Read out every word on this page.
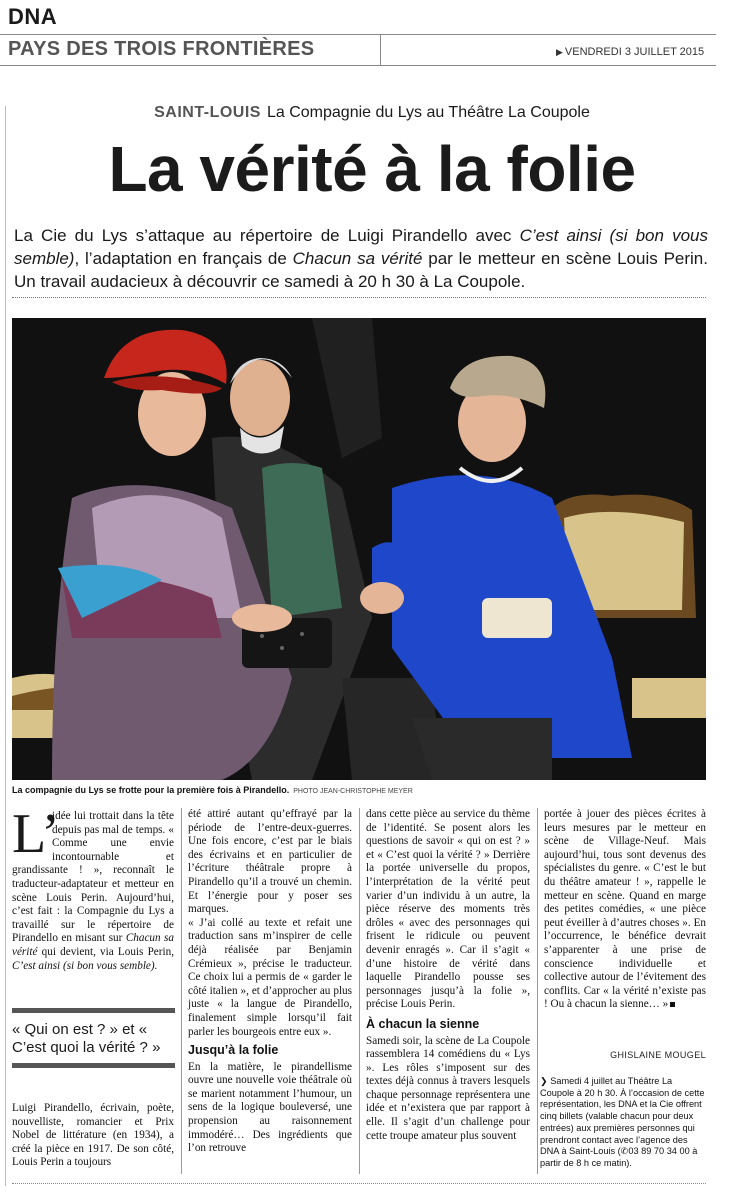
DNA
PAYS DES TROIS FRONTIÈRES	▶ VENDREDI 3 JUILLET 2015
SAINT-LOUIS La Compagnie du Lys au Théâtre La Coupole
La vérité à la folie
La Cie du Lys s’attaque au répertoire de Luigi Pirandello avec C’est ainsi (si bon vous semble), l’adaptation en français de Chacun sa vérité par le metteur en scène Louis Perin. Un travail audacieux à découvrir ce samedi à 20 h 30 à La Coupole.
La compagnie du Lys se frotte pour la première fois à Pirandello. PHOTO JEAN-CHRISTOPHE MEYER
L’
idée lui trottait dans la tête depuis pas mal de temps. « Comme une envie incontournable et grandissante ! », reconnaît le traducteur-adaptateur et metteur en scène Louis Perin. Aujourd’hui, c’est fait : la Compagnie du Lys a travaillé sur le répertoire de Pirandello en misant sur Chacun sa vérité qui devient, via Louis Perin, C’est ainsi (si bon vous semble).
« Qui on est ? » et « C’est quoi la vérité ? »
Luigi Pirandello, écrivain, poète, nouvelliste, romancier et Prix Nobel de littérature (en 1934), a créé la pièce en 1917. De son côté, Louis Perin a toujours

été attiré autant qu’effrayé par la période de l’entre-deux-guerres. Une fois encore, c’est par le biais des écrivains et en particulier de l’écriture théâtrale propre à Pirandello qu’il a trouvé un chemin. Et l’énergie pour y poser ses marques.

« J’ai collé au texte et refait une traduction sans m’inspirer de celle déjà réalisée par Benjamin Crémieux », précise le traducteur. Ce choix lui a permis de « garder le côté italien », et d’approcher au plus juste « la langue de Pirandello, finalement simple lorsqu’il fait parler les bourgeois entre eux ».

Jusqu’à la folie

En la matière, le pirandellisme ouvre une nouvelle voie théâtrale où se marient notamment l’humour, un sens de la logique bouleversé, une propension au raisonnement immodéré… Des ingrédients que l’on retrouve

dans cette pièce au service du thème de l’identité. Se posent alors les questions de savoir « qui on est ? » et « C’est quoi la vérité ? » Derrière la portée universelle du propos, l’interprétation de la vérité peut varier d’un individu à un autre, la pièce réserve des moments très drôles « avec des personnages qui frisent le ridicule ou peuvent devenir enragés ». Car il s’agit « d’une histoire de vérité dans laquelle Pirandello pousse ses personnages jusqu’à la folie », précise Louis Perin.

À chacun la sienne

Samedi soir, la scène de La Coupole rassemblera 14 comédiens du « Lys ». Les rôles s’imposent sur des textes déjà connus à travers lesquels chaque personnage représentera une idée et n’existera que par rapport à elle. Il s’agit d’un challenge pour cette troupe amateur plus souvent

portée à jouer des pièces écrites à leurs mesures par le metteur en scène de Village-Neuf. Mais aujourd’hui, tous sont devenus des spécialistes du genre. « C’est le but du théâtre amateur ! », rappelle le metteur en scène. Quand en marge des petites comédies, « une pièce peut éveiller à d’autres choses ». En l’occurrence, le bénéfice devrait s’apparenter à une prise de conscience individuelle et collective autour de l’évitement des conflits. Car « la vérité n’existe pas ! Ou à chacun la sienne… »
GHISLAINE MOUGEL
❯ Samedi 4 juillet au Théâtre La Coupole à 20 h 30. À l’occasion de cette représentation, les DNA et la Cie offrent cinq billets (valable chacun pour deux entrées) aux premières personnes qui prendront contact avec l’agence des DNA à Saint-Louis (✆03 89 70 34 00 à partir de 8 h ce matin).
